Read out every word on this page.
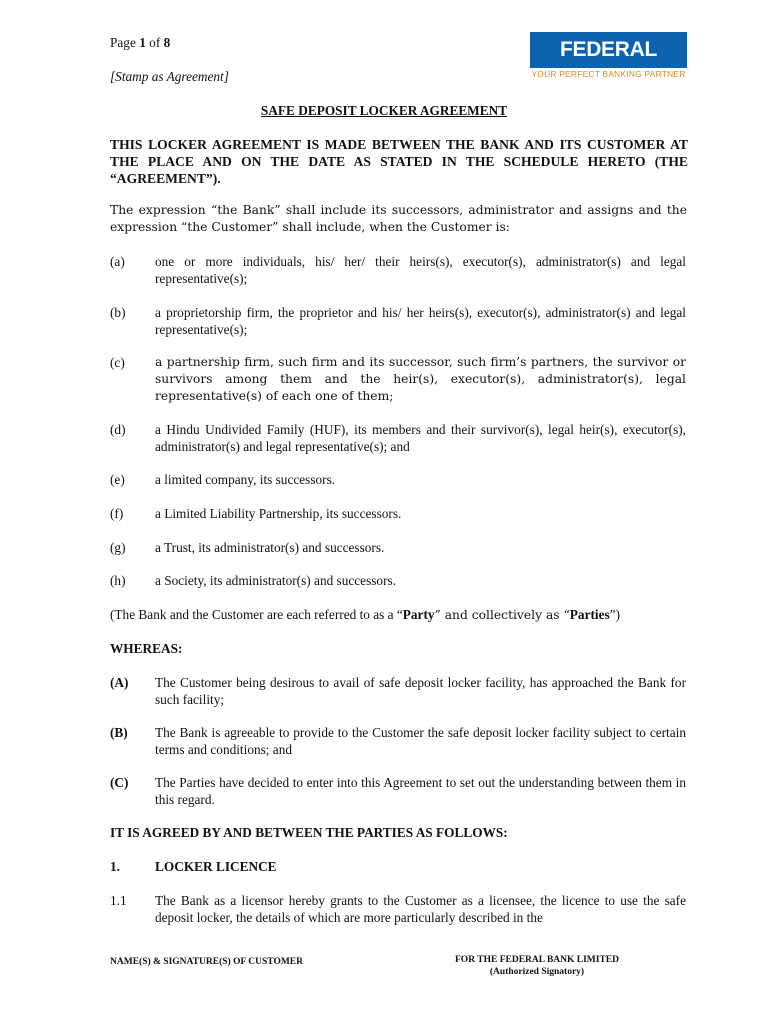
Page 1 of 8
[Stamp as Agreement]
FEDERAL BANK
YOUR PERFECT BANKING PARTNER
SAFE DEPOSIT LOCKER AGREEMENT
THIS LOCKER AGREEMENT IS MADE BETWEEN THE BANK AND ITS CUSTOMER AT THE PLACE AND ON THE DATE AS STATED IN THE SCHEDULE HERETO (THE “AGREEMENT”).
The expression “the Bank” shall include its successors, administrator and assigns and the expression “the Customer” shall include, when the Customer is:
(a) one or more individuals, his/ her/ their heirs(s), executor(s), administrator(s) and legal representative(s);
(b) a proprietorship firm, the proprietor and his/ her heirs(s), executor(s), administrator(s) and legal representative(s);
(c) a partnership firm, such firm and its successor, such firm’s partners, the survivor or survivors among them and the heir(s), executor(s), administrator(s), legal representative(s) of each one of them;
(d) a Hindu Undivided Family (HUF), its members and their survivor(s), legal heir(s), executor(s), administrator(s) and legal representative(s); and
(e) a limited company, its successors.
(f) a Limited Liability Partnership, its successors.
(g) a Trust, its administrator(s) and successors.
(h) a Society, its administrator(s) and successors.
(The Bank and the Customer are each referred to as a “Party” and collectively as “Parties”)
WHEREAS:
(A) The Customer being desirous to avail of safe deposit locker facility, has approached the Bank for such facility;
(B) The Bank is agreeable to provide to the Customer the safe deposit locker facility subject to certain terms and conditions; and
(C) The Parties have decided to enter into this Agreement to set out the understanding between them in this regard.
IT IS AGREED BY AND BETWEEN THE PARTIES AS FOLLOWS:
1.	LOCKER LICENCE
1.1 The Bank as a licensor hereby grants to the Customer as a licensee, the licence to use the safe deposit locker, the details of which are more particularly described in the
NAME(S) & SIGNATURE(S) OF CUSTOMER	FOR THE FEDERAL BANK LIMITED
(Authorized Signatory)
